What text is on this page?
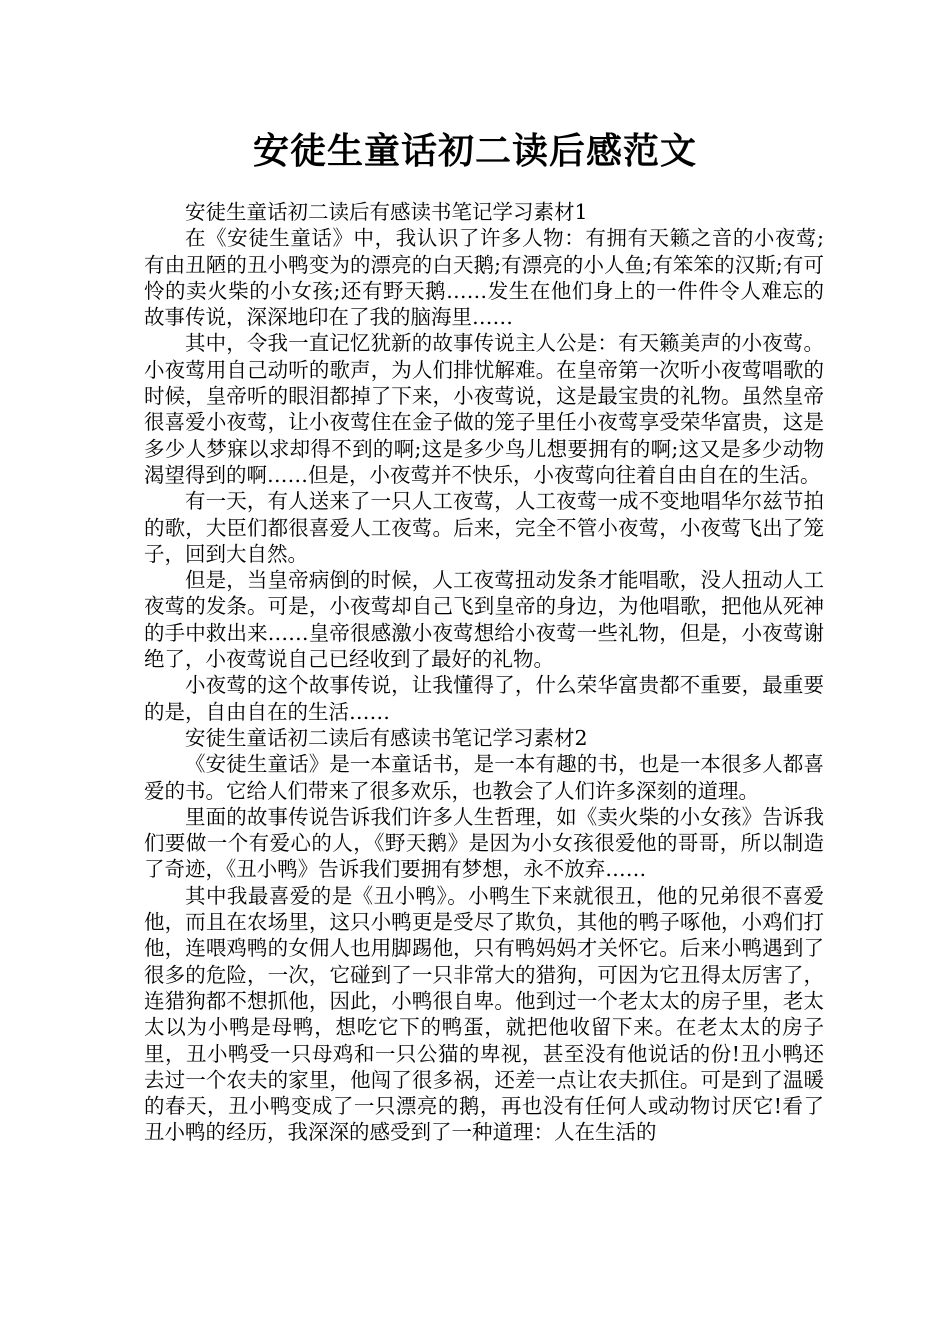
安徒生童话初二读后感范文

安徒生童话初二读后有感读书笔记学习素材1

在《安徒生童话》中，我认识了许多人物：有拥有天籁之音的小夜莺;有由丑陋的丑小鸭变为的漂亮的白天鹅;有漂亮的小人鱼;有笨笨的汉斯;有可怜的卖火柴的小女孩;还有野天鹅……发生在他们身上的一件件令人难忘的故事传说，深深地印在了我的脑海里……

其中，令我一直记忆犹新的故事传说主人公是：有天籁美声的小夜莺。小夜莺用自己动听的歌声，为人们排忧解难。在皇帝第一次听小夜莺唱歌的时候，皇帝听的眼泪都掉了下来，小夜莺说，这是最宝贵的礼物。虽然皇帝很喜爱小夜莺，让小夜莺住在金子做的笼子里任小夜莺享受荣华富贵，这是多少人梦寐以求却得不到的啊;这是多少鸟儿想要拥有的啊;这又是多少动物渴望得到的啊……但是，小夜莺并不快乐，小夜莺向往着自由自在的生活。

有一天，有人送来了一只人工夜莺，人工夜莺一成不变地唱华尔兹节拍的歌，大臣们都很喜爱人工夜莺。后来，完全不管小夜莺，小夜莺飞出了笼子，回到大自然。

但是，当皇帝病倒的时候，人工夜莺扭动发条才能唱歌，没人扭动人工夜莺的发条。可是，小夜莺却自己飞到皇帝的身边，为他唱歌，把他从死神的手中救出来……皇帝很感激小夜莺想给小夜莺一些礼物，但是，小夜莺谢绝了，小夜莺说自己已经收到了最好的礼物。

小夜莺的这个故事传说，让我懂得了，什么荣华富贵都不重要，最重要的是，自由自在的生活……

安徒生童话初二读后有感读书笔记学习素材2

《安徒生童话》是一本童话书，是一本有趣的书，也是一本很多人都喜爱的书。它给人们带来了很多欢乐，也教会了人们许多深刻的道理。

里面的故事传说告诉我们许多人生哲理，如《卖火柴的小女孩》告诉我们要做一个有爱心的人，《野天鹅》是因为小女孩很爱他的哥哥，所以制造了奇迹，《丑小鸭》告诉我们要拥有梦想，永不放弃……

其中我最喜爱的是《丑小鸭》。小鸭生下来就很丑，他的兄弟很不喜爱他，而且在农场里，这只小鸭更是受尽了欺负，其他的鸭子啄他，小鸡们打他，连喂鸡鸭的女佣人也用脚踢他，只有鸭妈妈才关怀它。后来小鸭遇到了很多的危险，一次，它碰到了一只非常大的猎狗，可因为它丑得太厉害了，连猎狗都不想抓他，因此，小鸭很自卑。他到过一个老太太的房子里，老太太以为小鸭是母鸭，想吃它下的鸭蛋，就把他收留下来。在老太太的房子里，丑小鸭受一只母鸡和一只公猫的卑视，甚至没有他说话的份!丑小鸭还去过一个农夫的家里，他闯了很多祸，还差一点让农夫抓住。可是到了温暖的春天，丑小鸭变成了一只漂亮的鹅，再也没有任何人或动物讨厌它!看了丑小鸭的经历，我深深的感受到了一种道理：人在生活的
